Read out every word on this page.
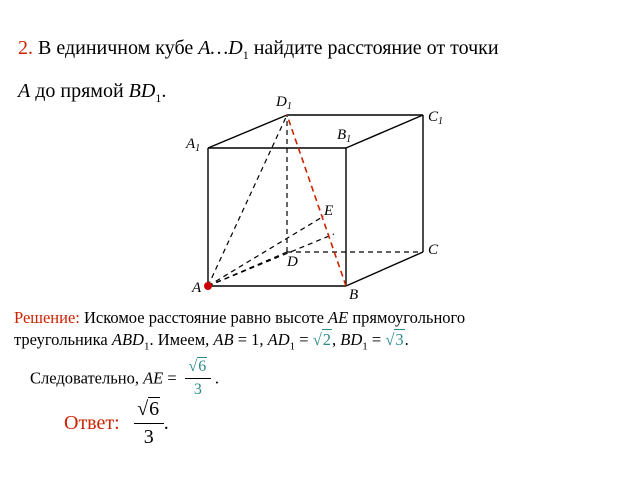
2. В единичном кубе $A\dots D_1$ найдите расстояние от точки
A до прямой $BD_1$.	$D_1$
$C_1$
$B_1$
$A_1$
E
D
C
A	B
Решение: Искомое расстояние равно высоте AE прямоугольного
треугольника $ABD_1$. Имеем, AB = 1, $AD_1 = √2$, $BD_1 = √3$.
Следовательно, AE = $\frac{√6}{3}$ .
Ответ: $\frac{√6}{3}$ .
